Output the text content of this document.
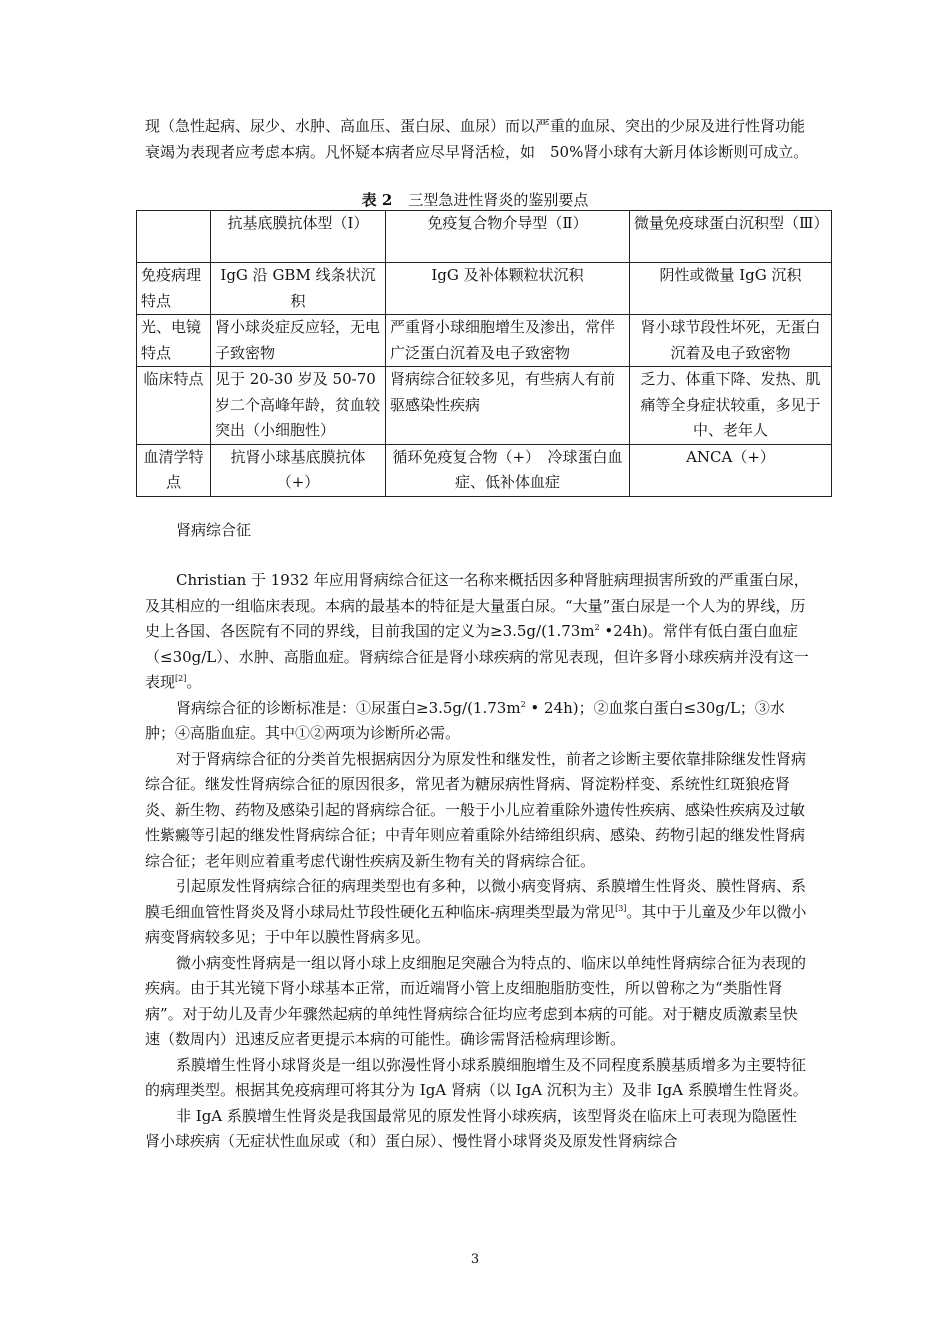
现（急性起病、尿少、水肿、高血压、蛋白尿、血尿）而以严重的血尿、突出的少尿及进行性肾功能衰竭为表现者应考虑本病。凡怀疑本病者应尽早肾活检，如　50%肾小球有大新月体诊断则可成立。

表 2 三型急进性肾炎的鉴别要点
	抗基底膜抗体型（Ⅰ）	免疫复合物介导型（Ⅱ）	微量免疫球蛋白沉积型（Ⅲ）
免疫病理特点	IgG 沿 GBM 线条状沉积	IgG 及补体颗粒状沉积	阴性或微量 IgG 沉积
光、电镜特点	肾小球炎症反应轻，无电子致密物	严重肾小球细胞增生及渗出，常伴广泛蛋白沉着及电子致密物	肾小球节段性坏死，无蛋白沉着及电子致密物
临床特点	见于 20-30 岁及 50-70 岁二个高峰年龄，贫血较突出（小细胞性）	肾病综合征较多见，有些病人有前驱感染性疾病	乏力、体重下降、发热、肌痛等全身症状较重，多见于中、老年人
血清学特点	抗肾小球基底膜抗体（+）	循环免疫复合物（+）　冷球蛋白血症、低补体血症	ANCA（+）
肾病综合征

Christian 于 1932 年应用肾病综合征这一名称来概括因多种肾脏病理损害所致的严重蛋白尿，及其相应的一组临床表现。本病的最基本的特征是大量蛋白尿。“大量”蛋白尿是一个人为的界线，历史上各国、各医院有不同的界线，目前我国的定义为$\ge 3.5g/(1.73m^2$ •24h)。常伴有低白蛋白血症（≤30g/L）、水肿、高脂血症。肾病综合征是肾小球疾病的常见表现，但许多肾小球疾病并没有这一表现[2]。

肾病综合征的诊断标准是：①尿蛋白$\ge 3.5g/(1.73m^2$ • 24h)；②血浆白蛋白≤30g/L；③水肿；④高脂血症。其中①②两项为诊断所必需。

对于肾病综合征的分类首先根据病因分为原发性和继发性，前者之诊断主要依靠排除继发性肾病综合征。继发性肾病综合征的原因很多，常见者为糖尿病性肾病、肾淀粉样变、系统性红斑狼疮肾炎、新生物、药物及感染引起的肾病综合征。一般于小儿应着重除外遗传性疾病、感染性疾病及过敏性紫癜等引起的继发性肾病综合征；中青年则应着重除外结缔组织病、感染、药物引起的继发性肾病综合征；老年则应着重考虑代谢性疾病及新生物有关的肾病综合征。

引起原发性肾病综合征的病理类型也有多种，以微小病变肾病、系膜增生性肾炎、膜性肾病、系膜毛细血管性肾炎及肾小球局灶节段性硬化五种临床-病理类型最为常见[3]。其中于儿童及少年以微小病变肾病较多见；于中年以膜性肾病多见。

微小病变性肾病是一组以肾小球上皮细胞足突融合为特点的、临床以单纯性肾病综合征为表现的疾病。由于其光镜下肾小球基本正常，而近端肾小管上皮细胞脂肪变性，所以曾称之为“类脂性肾病”。对于幼儿及青少年骤然起病的单纯性肾病综合征均应考虑到本病的可能。对于糖皮质激素呈快速（数周内）迅速反应者更提示本病的可能性。确诊需肾活检病理诊断。

系膜增生性肾小球肾炎是一组以弥漫性肾小球系膜细胞增生及不同程度系膜基质增多为主要特征的病理类型。根据其免疫病理可将其分为 IgA 肾病（以 IgA 沉积为主）及非 IgA 系膜增生性肾炎。

非 IgA 系膜增生性肾炎是我国最常见的原发性肾小球疾病，该型肾炎在临床上可表现为隐匿性肾小球疾病（无症状性血尿或（和）蛋白尿）、慢性肾小球肾炎及原发性肾病综合

3
